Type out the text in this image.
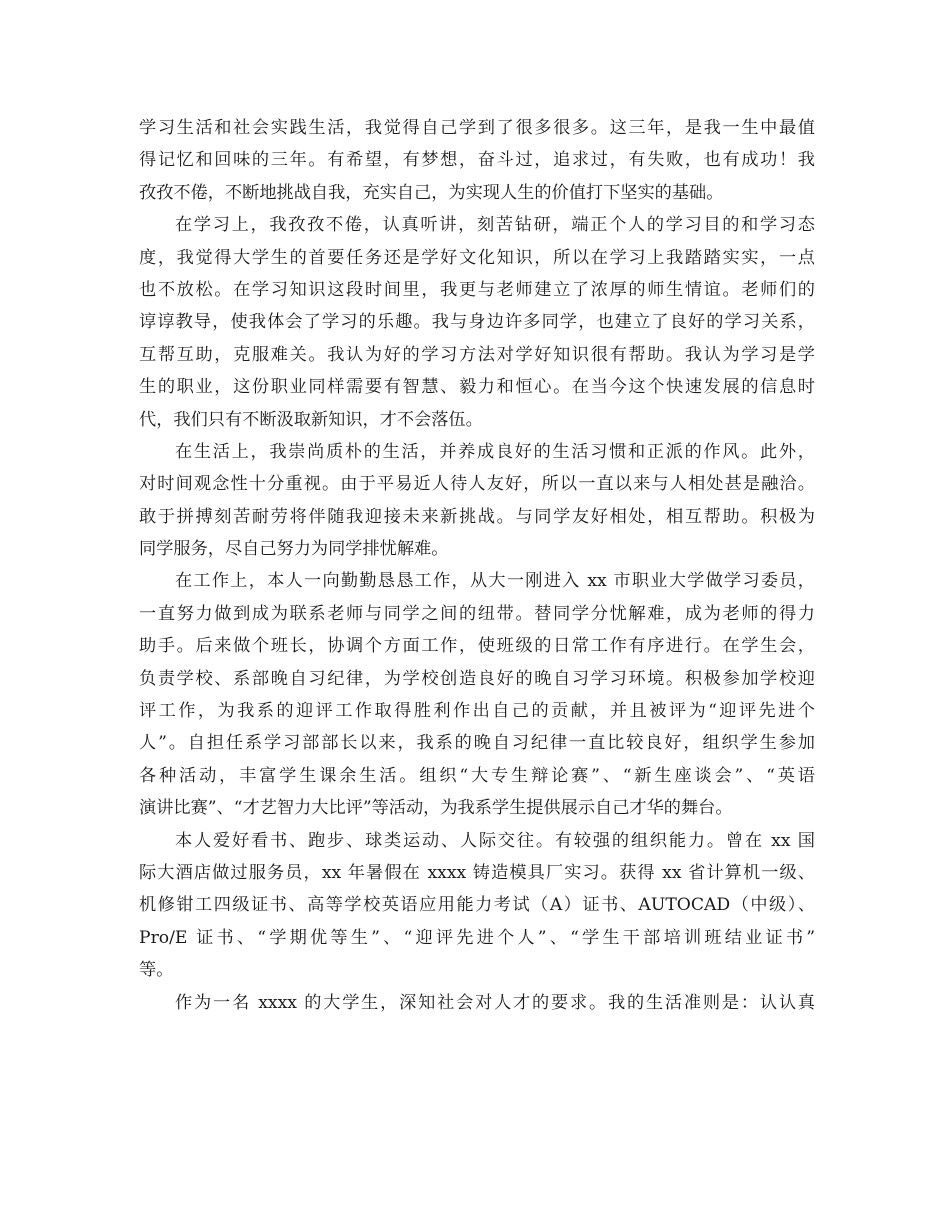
学习生活和社会实践生活，我觉得自己学到了很多很多。这三年，是我一生中最值
得记忆和回味的三年。有希望，有梦想，奋斗过，追求过，有失败，也有成功！我
孜孜不倦，不断地挑战自我，充实自己，为实现人生的价值打下坚实的基础。
在学习上，我孜孜不倦，认真听讲，刻苦钻研，端正个人的学习目的和学习态
度，我觉得大学生的首要任务还是学好文化知识，所以在学习上我踏踏实实，一点
也不放松。在学习知识这段时间里，我更与老师建立了浓厚的师生情谊。老师们的
谆谆教导，使我体会了学习的乐趣。我与身边许多同学，也建立了良好的学习关系，
互帮互助，克服难关。我认为好的学习方法对学好知识很有帮助。我认为学习是学
生的职业，这份职业同样需要有智慧、毅力和恒心。在当今这个快速发展的信息时
代，我们只有不断汲取新知识，才不会落伍。
在生活上，我崇尚质朴的生活，并养成良好的生活习惯和正派的作风。此外，
对时间观念性十分重视。由于平易近人待人友好，所以一直以来与人相处甚是融洽。
敢于拼搏刻苦耐劳将伴随我迎接未来新挑战。与同学友好相处，相互帮助。积极为
同学服务，尽自己努力为同学排忧解难。
在工作上，本人一向勤勤恳恳工作，从大一刚进入 xx 市职业大学做学习委员，
一直努力做到成为联系老师与同学之间的纽带。替同学分忧解难，成为老师的得力
助手。后来做个班长，协调个方面工作，使班级的日常工作有序进行。在学生会，
负责学校、系部晚自习纪律，为学校创造良好的晚自习学习环境。积极参加学校迎
评工作，为我系的迎评工作取得胜利作出自己的贡献，并且被评为“迎评先进个
人”。自担任系学习部部长以来，我系的晚自习纪律一直比较良好，组织学生参加
各种活动，丰富学生课余生活。组织“大专生辩论赛”、“新生座谈会”、“英语
演讲比赛”、“才艺智力大比评”等活动，为我系学生提供展示自己才华的舞台。
本人爱好看书、跑步、球类运动、人际交往。有较强的组织能力。曾在 xx 国
际大酒店做过服务员，xx 年暑假在 xxxx 铸造模具厂实习。获得 xx 省计算机一级、
机修钳工四级证书、高等学校英语应用能力考试（A）证书、AUTOCAD（中级）、
Pro/E 证书、“学期优等生”、“迎评先进个人”、“学生干部培训班结业证书”
等。
作为一名 xxxx 的大学生，深知社会对人才的要求。我的生活准则是：认认真
